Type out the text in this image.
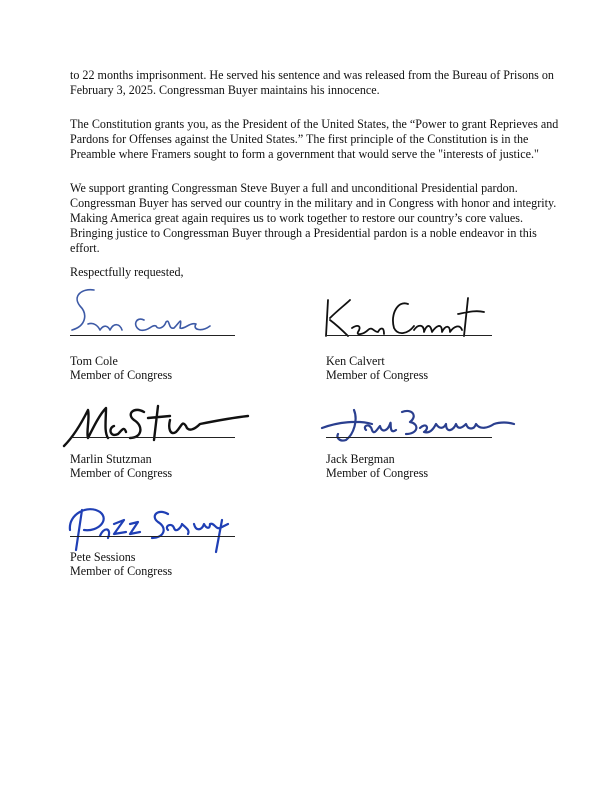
to 22 months imprisonment. He served his sentence and was released from the Bureau of Prisons on February 3, 2025. Congressman Buyer maintains his innocence.

The Constitution grants you, as the President of the United States, the “Power to grant Reprieves and Pardons for Offenses against the United States.” The first principle of the Constitution is in the Preamble where Framers sought to form a government that would serve the "interests of justice."

We support granting Congressman Steve Buyer a full and unconditional Presidential pardon. Congressman Buyer has served our country in the military and in Congress with honor and integrity. Making America great again requires us to work together to restore our country’s core values. Bringing justice to Congressman Buyer through a Presidential pardon is a noble endeavor in this effort.

Respectfully requested,

Tom Cole
Member of Congress
Ken Calvert
Member of Congress
Marlin Stutzman
Member of Congress
Jack Bergman
Member of Congress
Pete Sessions
Member of Congress
